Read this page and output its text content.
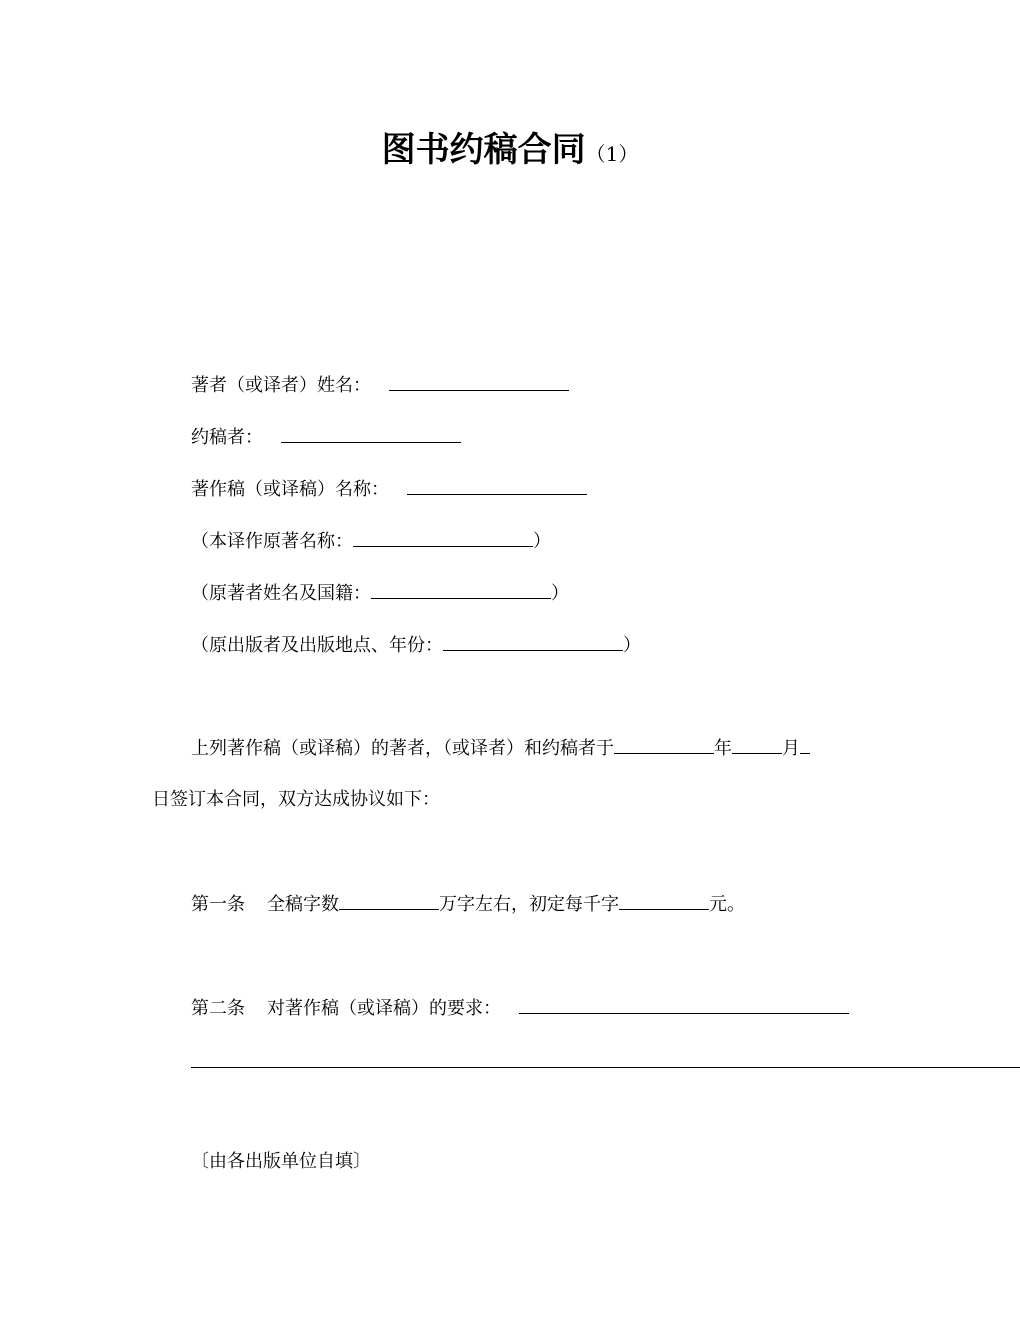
图书约稿合同（1）
著者（或译者）姓名：
约稿者：
著作稿（或译稿）名称：
（本译作原著名称：	）
（原著者姓名及国籍：	）
（原出版者及出版地点、年份：	）
上列著作稿（或译稿）的著者，（或译者）和约稿者于	年	月
日签订本合同，双方达成协议如下：
第一条 全稿字数	万字左右，初定每千字	元。
第二条 对著作稿（或译稿）的要求：
〔由各出版单位自填〕
